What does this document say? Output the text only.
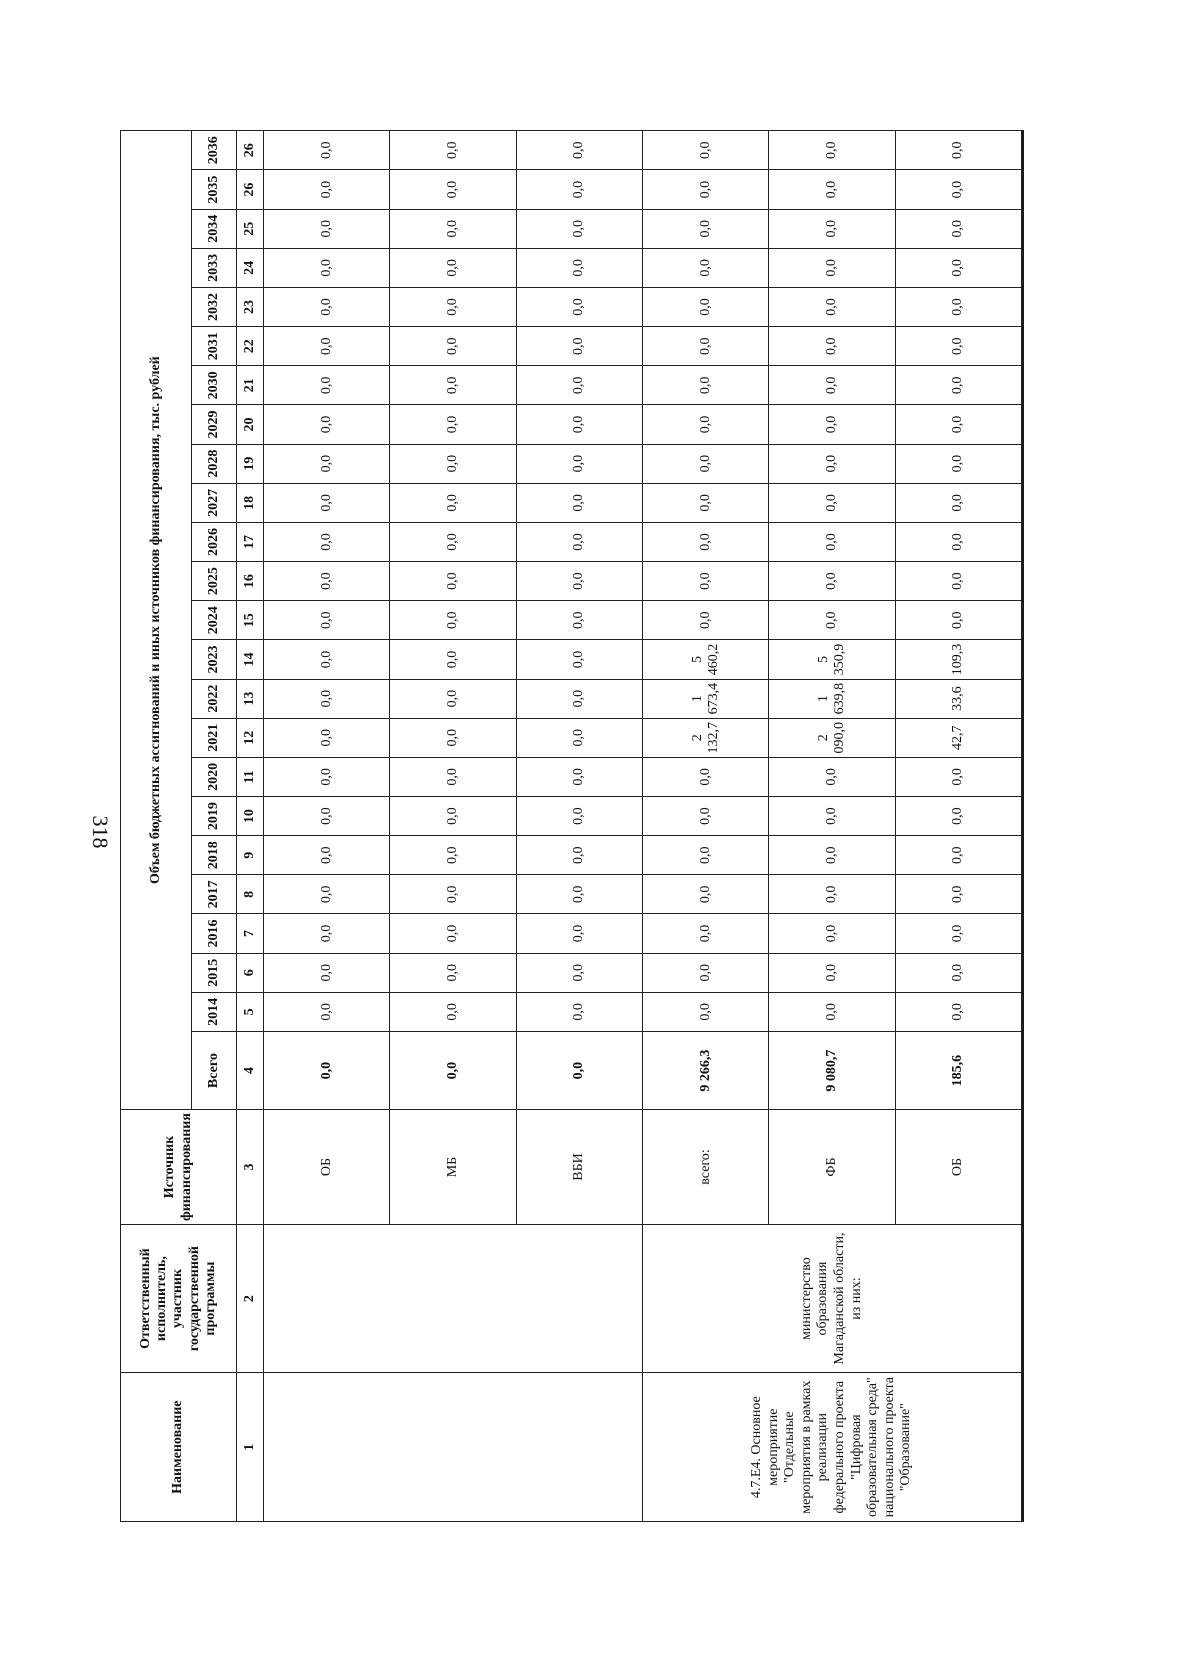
318
Наименование	Ответственный исполнитель, участник государственной программы	Источник финансирования	Объем бюджетных ассигнований и иных источников финансирования, тыс. рублей																							
			Всего	2014	2015	2016	2017	2018	2019	2020	2021	2022	2023	2024	2025	2026	2027	2028	2029	2030	2031	2032	2033	2034	2035	2036
1	2	3	4	5	6	7	8	9	10	11	12	13	14	15	16	17	18	19	20	21	22	23	24	25	26	26
		ОБ	0,0	0,0	0,0	0,0	0,0	0,0	0,0	0,0	0,0	0,0	0,0	0,0	0,0	0,0	0,0	0,0	0,0	0,0	0,0	0,0	0,0	0,0	0,0	0,0
		МБ	0,0	0,0	0,0	0,0	0,0	0,0	0,0	0,0	0,0	0,0	0,0	0,0	0,0	0,0	0,0	0,0	0,0	0,0	0,0	0,0	0,0	0,0	0,0	0,0
		ВБИ	0,0	0,0	0,0	0,0	0,0	0,0	0,0	0,0	0,0	0,0	0,0	0,0	0,0	0,0	0,0	0,0	0,0	0,0	0,0	0,0	0,0	0,0	0,0	0,0
4.7.Е4. Основное мероприятие "Отдельные мероприятия в рамках реализации федерального проекта "Цифровая образовательная среда" национального проекта "Образование"	министерство образования Магаданской области, из них:	всего:	9 266,3	0,0	0,0	0,0	0,0	0,0	0,0	0,0	2 132,7	1 673,4	5 460,2	0,0	0,0	0,0	0,0	0,0	0,0	0,0	0,0	0,0	0,0	0,0	0,0	0,0
		ФБ	9 080,7	0,0	0,0	0,0	0,0	0,0	0,0	0,0	2 090,0	1 639,8	5 350,9	0,0	0,0	0,0	0,0	0,0	0,0	0,0	0,0	0,0	0,0	0,0	0,0	0,0
		ОБ	185,6	0,0	0,0	0,0	0,0	0,0	0,0	0,0	42,7	33,6	109,3	0,0	0,0	0,0	0,0	0,0	0,0	0,0	0,0	0,0	0,0	0,0	0,0	0,0
